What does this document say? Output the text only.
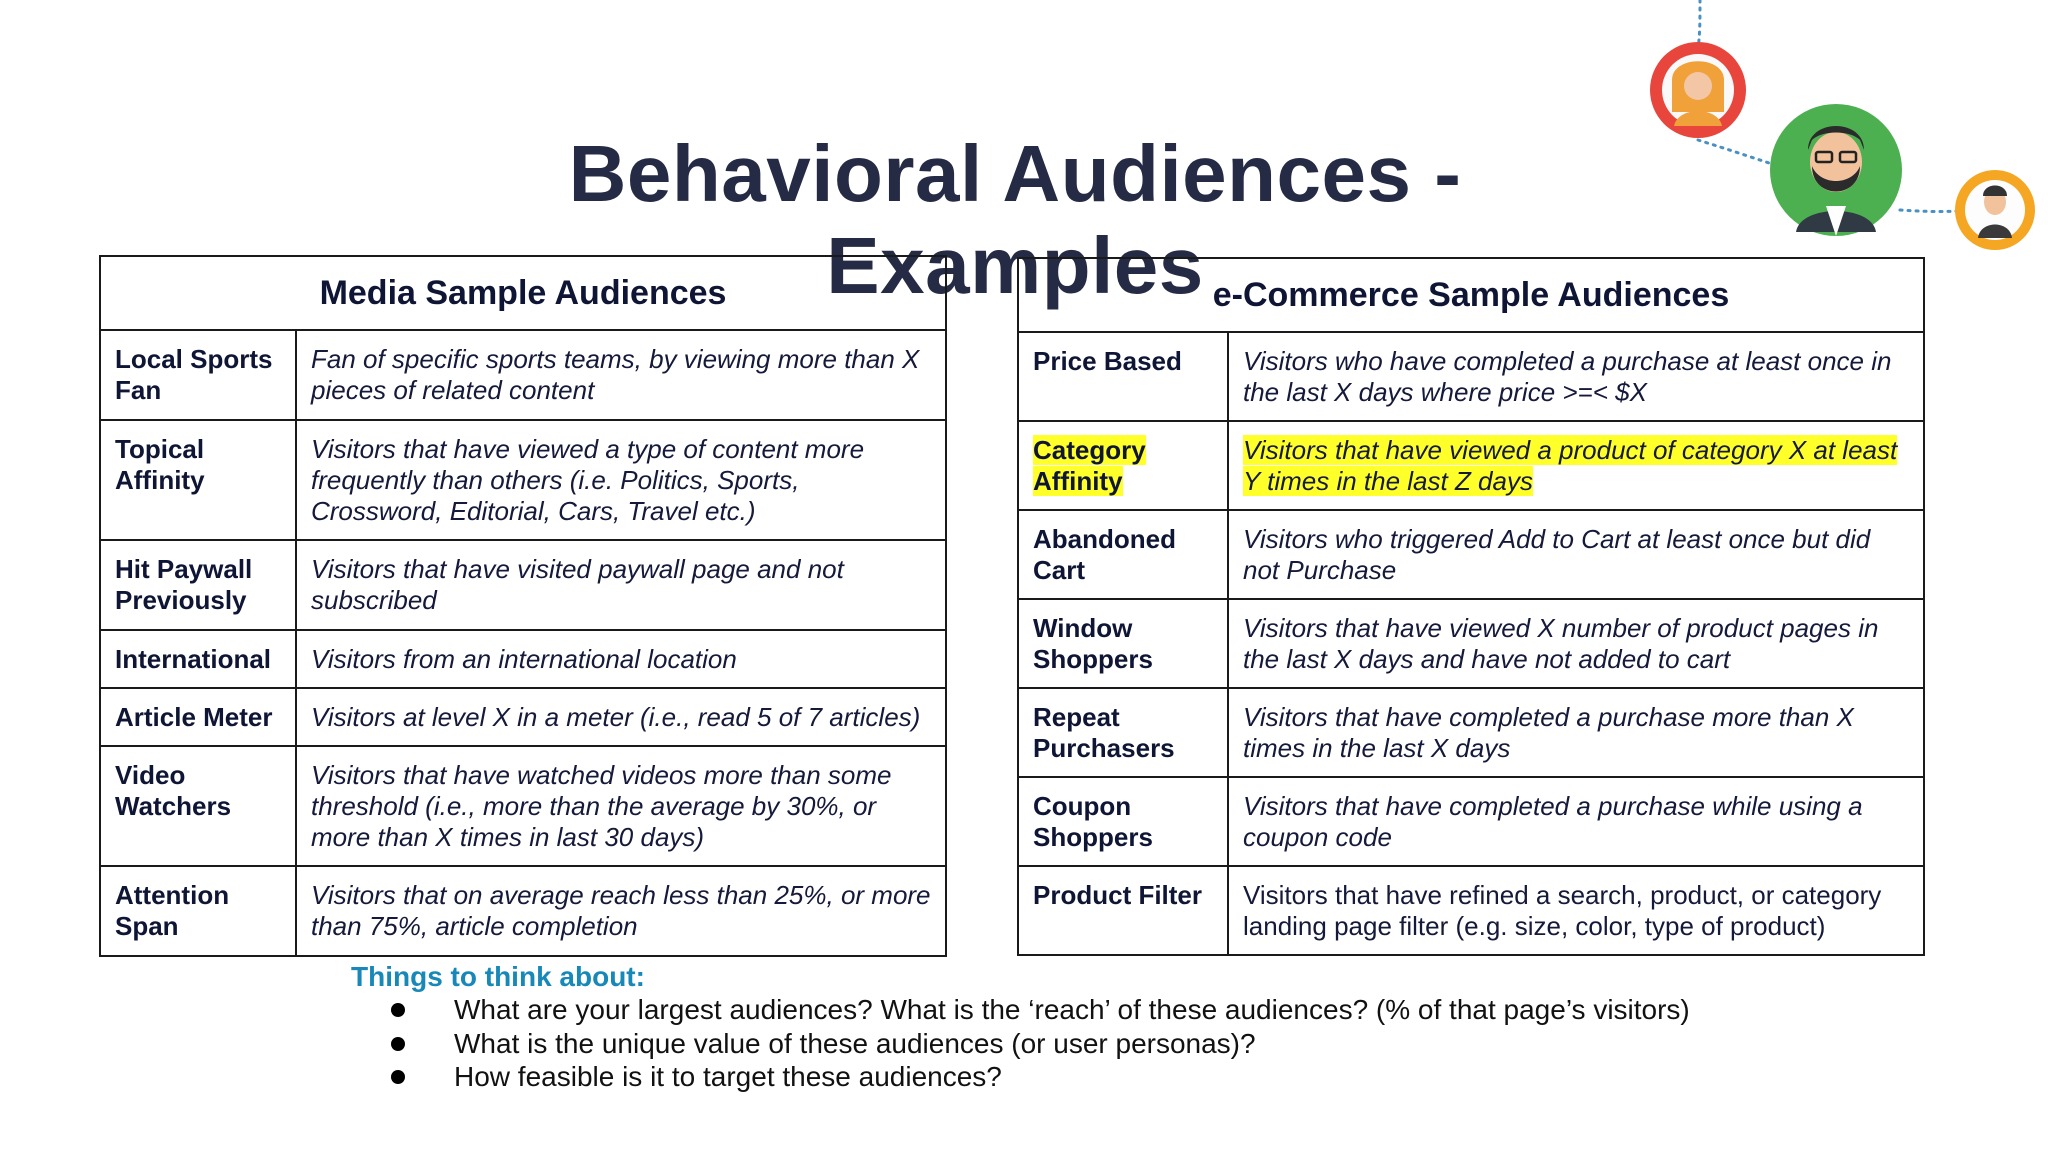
Behavioral Audiences - Examples
Media Sample Audiences	
Local Sports Fan	Fan of specific sports teams, by viewing more than X pieces of related content
Topical Affinity	Visitors that have viewed a type of content more frequently than others (i.e. Politics, Sports, Crossword, Editorial, Cars, Travel etc.)
Hit Paywall Previously	Visitors that have visited paywall page and not subscribed
International	Visitors from an international location
Article Meter	Visitors at level X in a meter (i.e., read 5 of 7 articles)
Video Watchers	Visitors that have watched videos more than some threshold (i.e., more than the average by 30%, or more than X times in last 30 days)
Attention Span	Visitors that on average reach less than 25%, or more than 75%, article completion
e-Commerce Sample Audiences	
Price Based	Visitors who have completed a purchase at least once in the last X days where price >=< $X
Category Affinity	Visitors that have viewed a product of category X at least Y times in the last Z days
Abandoned Cart	Visitors who triggered Add to Cart at least once but did not Purchase
Window Shoppers	Visitors that have viewed X number of product pages in the last X days and have not added to cart
Repeat Purchasers	Visitors that have completed a purchase more than X times in the last X days
Coupon Shoppers	Visitors that have completed a purchase while using a coupon code
Product Filter	Visitors that have refined a search, product, or category landing page filter (e.g. size, color, type of product)

Things to think about:

What are your largest audiences? What is the ‘reach’ of these audiences? (% of that page’s visitors)
What is the unique value of these audiences (or user personas)?
How feasible is it to target these audiences?
